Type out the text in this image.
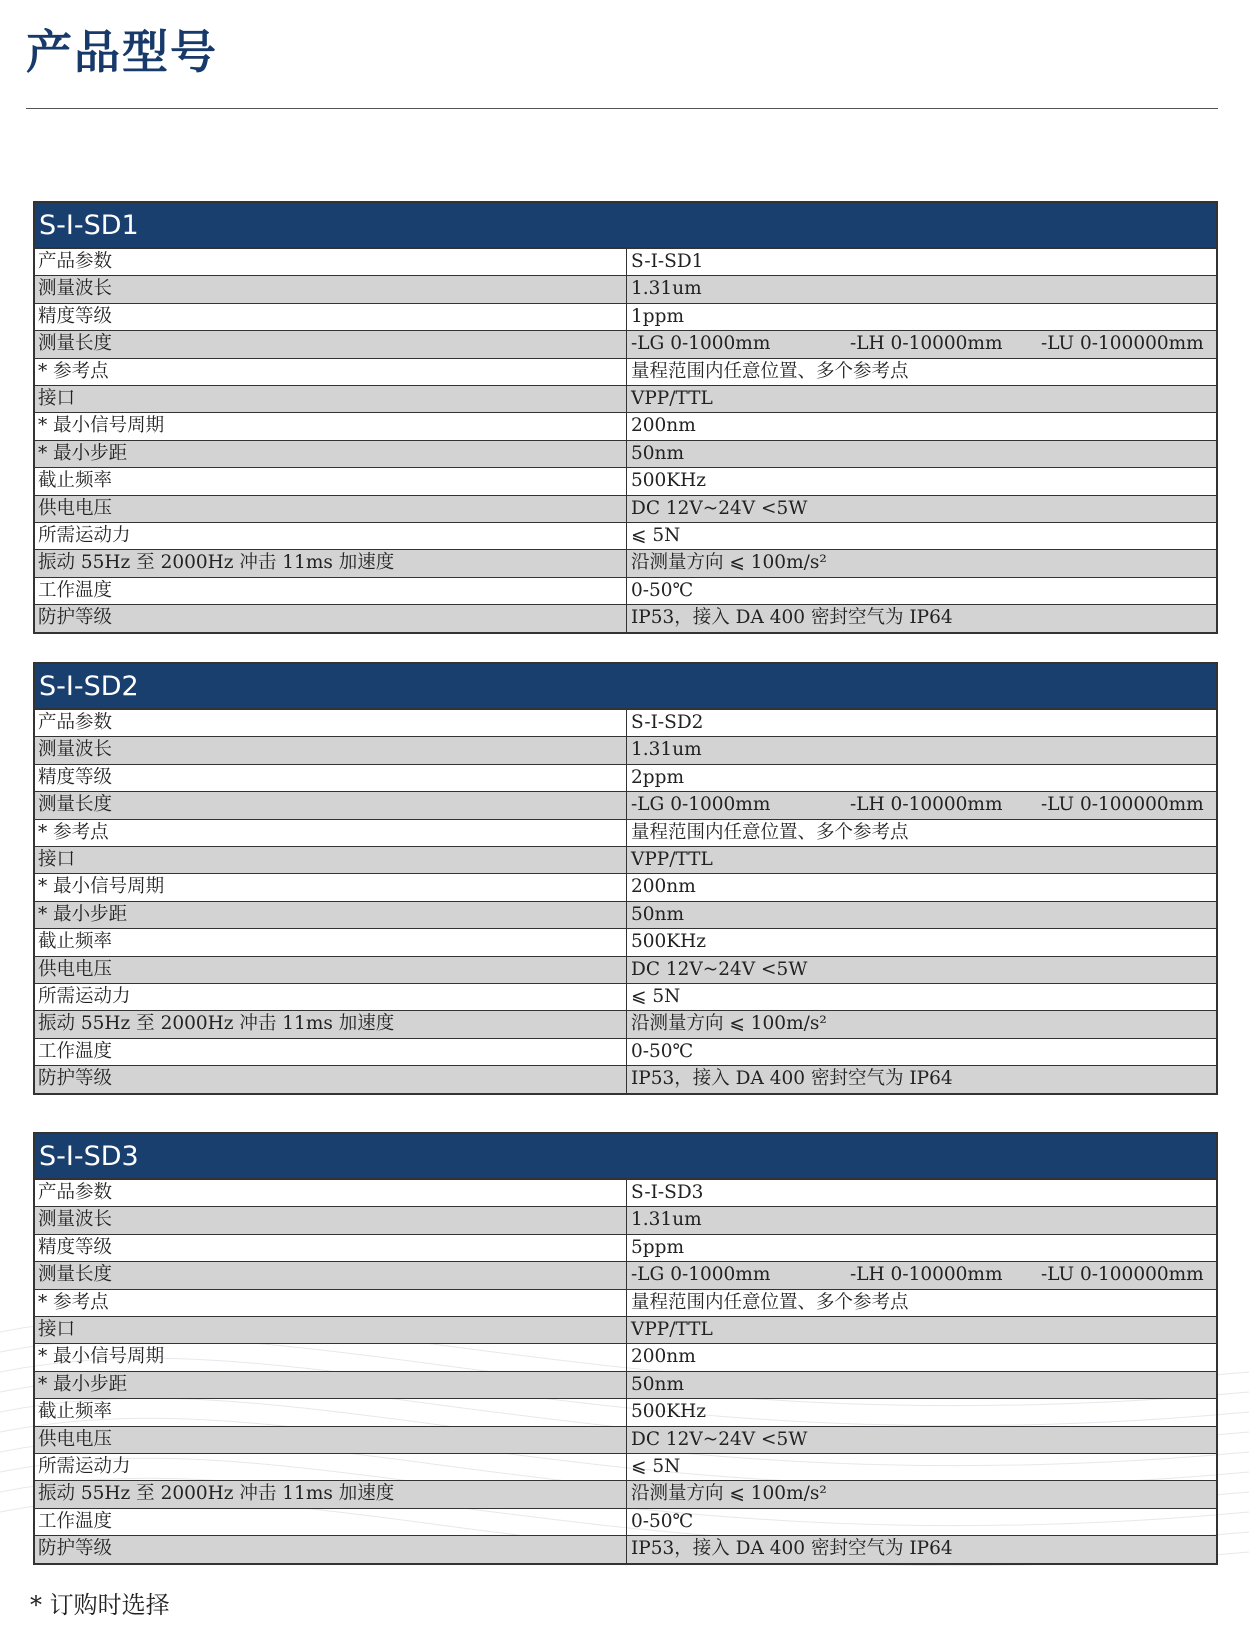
产品型号
S-I-SD1
产品参数	S-I-SD1
测量波长	1.31um
精度等级	1ppm
测量长度	-LG 0-1000mm	-LH 0-10000mm	-LU 0-100000mm
* 参考点	量程范围内任意位置、多个参考点
接口	VPP/TTL
* 最小信号周期	200nm
* 最小步距	50nm
截止频率	500KHz
供电电压	DC 12V~24V <5W
所需运动力	⩽ 5N
振动 55Hz 至 2000Hz 冲击 11ms 加速度	沿测量方向 ⩽ 100m/s²
工作温度	0-50℃
防护等级	IP53，接入 DA 400 密封空气为 IP64
S-I-SD2
产品参数	S-I-SD2
测量波长	1.31um
精度等级	2ppm
测量长度	-LG 0-1000mm	-LH 0-10000mm	-LU 0-100000mm
* 参考点	量程范围内任意位置、多个参考点
接口	VPP/TTL
* 最小信号周期	200nm
* 最小步距	50nm
截止频率	500KHz
供电电压	DC 12V~24V <5W
所需运动力	⩽ 5N
振动 55Hz 至 2000Hz 冲击 11ms 加速度	沿测量方向 ⩽ 100m/s²
工作温度	0-50℃
防护等级	IP53，接入 DA 400 密封空气为 IP64
S-I-SD3
产品参数	S-I-SD3
测量波长	1.31um
精度等级	5ppm
测量长度	-LG 0-1000mm	-LH 0-10000mm	-LU 0-100000mm
* 参考点	量程范围内任意位置、多个参考点
接口	VPP/TTL
* 最小信号周期	200nm
* 最小步距	50nm
截止频率	500KHz
供电电压	DC 12V~24V <5W
所需运动力	⩽ 5N
振动 55Hz 至 2000Hz 冲击 11ms 加速度	沿测量方向 ⩽ 100m/s²
工作温度	0-50℃
防护等级	IP53，接入 DA 400 密封空气为 IP64
* 订购时选择
